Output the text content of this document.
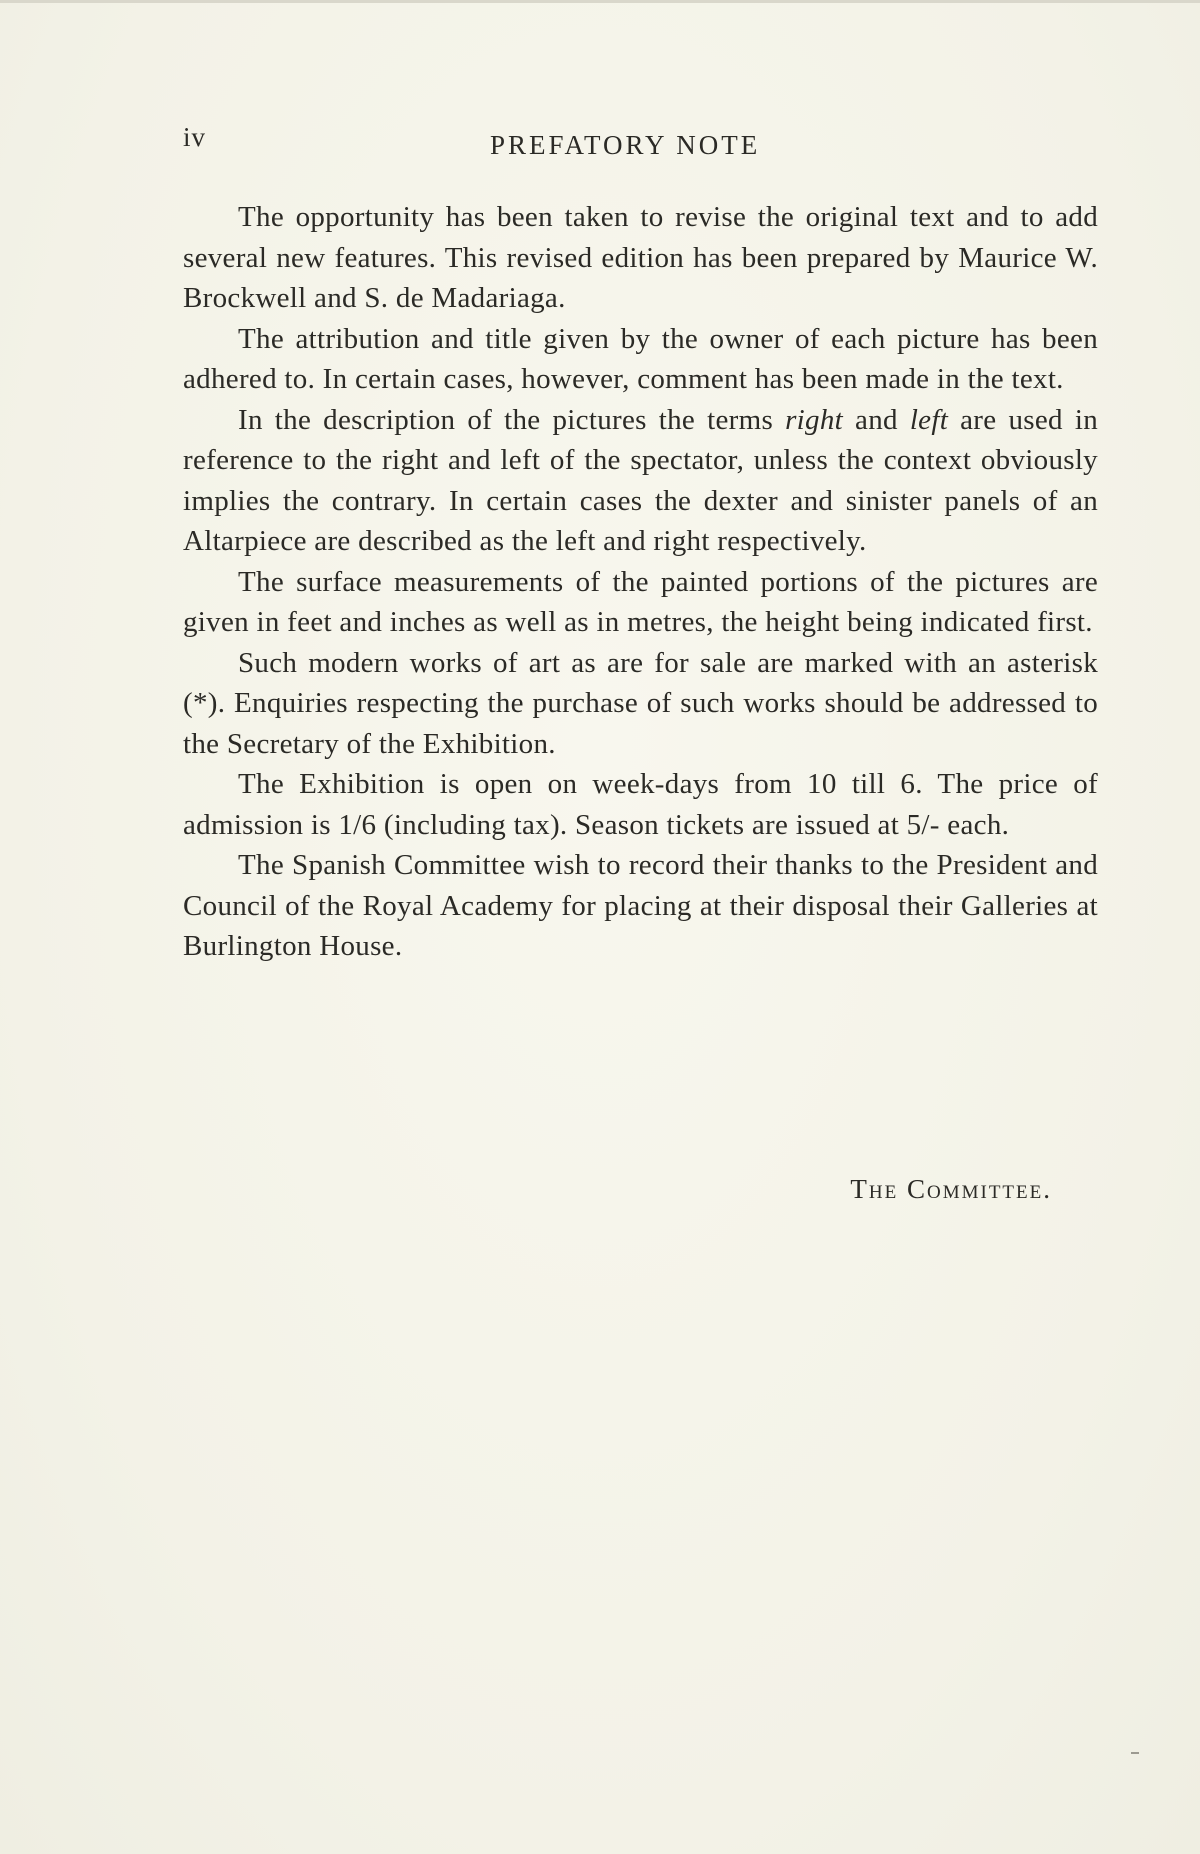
iv	PREFATORY NOTE

The opportunity has been taken to revise the original text and to add several new features. This revised edition has been prepared by Maurice W. Brockwell and S. de Madariaga.

The attribution and title given by the owner of each picture has been adhered to. In certain cases, however, comment has been made in the text.

In the description of the pictures the terms right and left are used in reference to the right and left of the spectator, unless the context obviously implies the contrary. In certain cases the dexter and sinister panels of an Altarpiece are described as the left and right respectively.

The surface measurements of the painted portions of the pictures are given in feet and inches as well as in metres, the height being indicated first.

Such modern works of art as are for sale are marked with an asterisk (*). Enquiries respecting the purchase of such works should be addressed to the Secretary of the Exhibition.

The Exhibition is open on week-days from 10 till 6. The price of admission is 1/6 (including tax). Season tickets are issued at 5/- each.

The Spanish Committee wish to record their thanks to the President and Council of the Royal Academy for placing at their disposal their Galleries at Burlington House.

The Committee.
